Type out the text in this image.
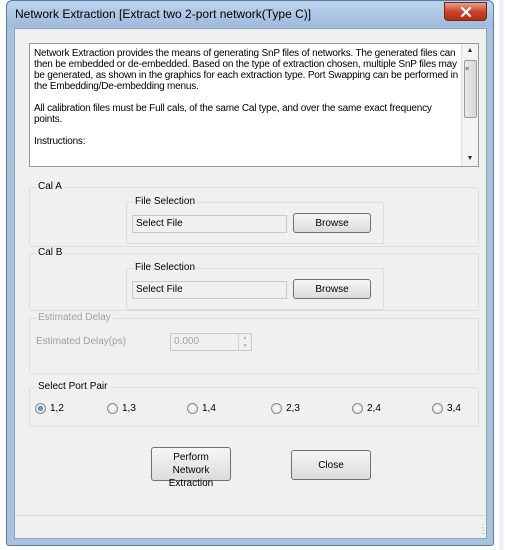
Network Extraction [Extract two 2-port network(Type C)]

Network Extraction provides the means of generating SnP files of networks. The generated files can then be embedded or de-embedded. Based on the type of extraction chosen, multiple SnP files may be generated, as shown in the graphics for each extraction type. Port Swapping can be performed in the Embedding/De-embedding menus.

All calibration files must be Full cals, of the same Cal type, and over the same exact frequency points.

Instructions:

▲
≡
▼
Cal A
File Selection
Select File	Browse
Cal B
File Selection
Select File	Browse
Estimated Delay
Estimated Delay(ps)	0.000	▲
▼
Select Port Pair
1,2	1,3	1,4	2,3	2,4	3,4
Perform Network Extraction
Close
.:
.::
